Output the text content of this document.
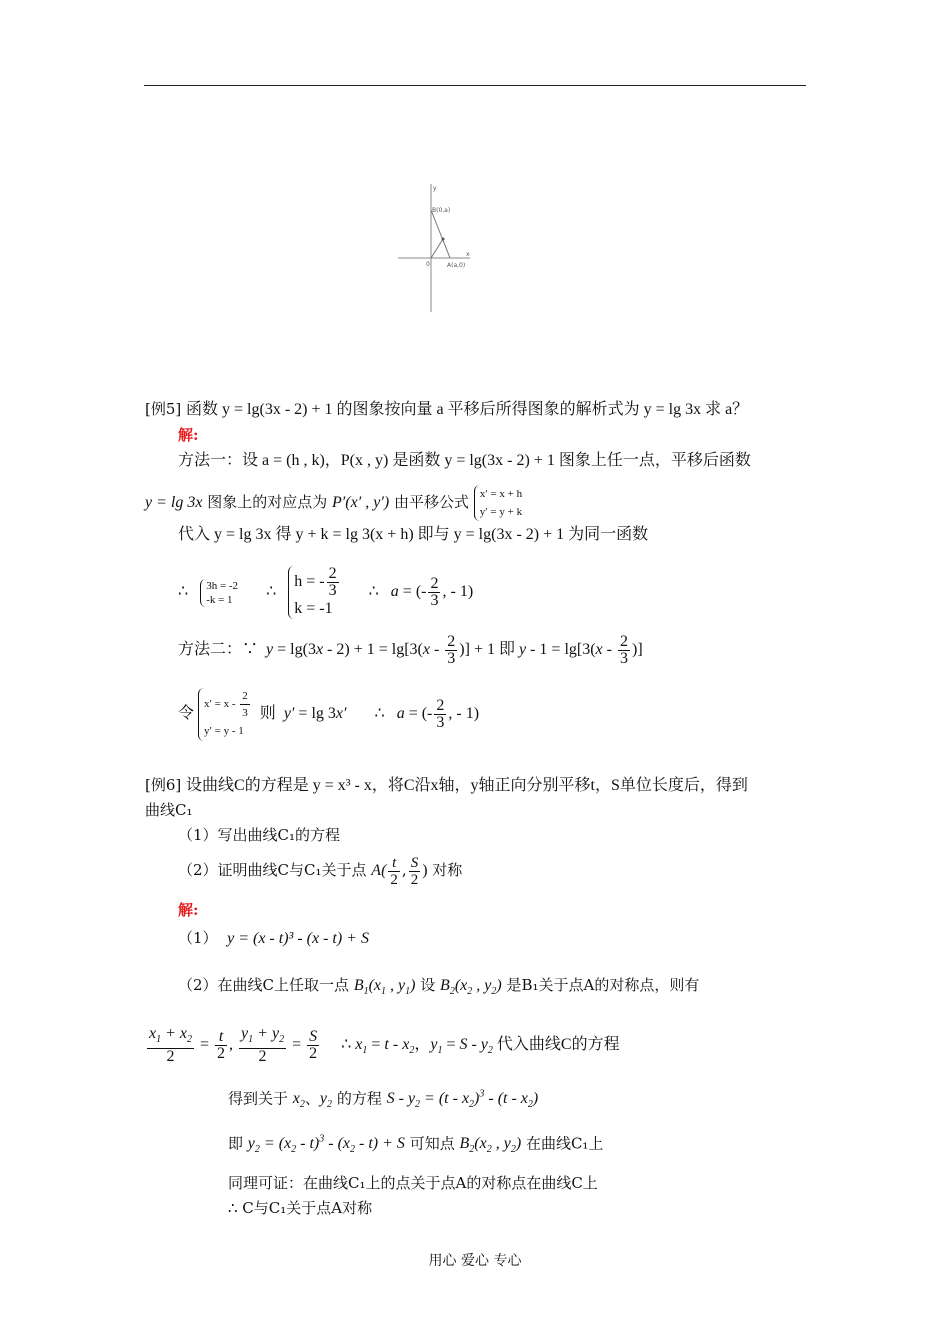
y
B(0,a)
x
0	A(a,0)
[例5] 函数 y = lg(3x - 2) + 1 的图象按向量 a 平移后所得图象的解析式为 y = lg 3x 求 a？
解:
方法一：设 a = (h , k)，P(x , y) 是函数 y = lg(3x - 2) + 1 图象上任一点，平移后函数
y = lg 3x 图象上的对应点为 P′(x′ , y′) 由平移公式 x′ = x + h
y′ = y + k
代入 y = lg 3x 得 y + k = lg 3(x + h) 即与 y = lg(3x - 2) + 1 为同一函数
∴ 3h = -2
-k = 1 ∴   h = - $\frac{2}{3}$

k = -1       ∴ a = (- $\frac{2}{3}$ , - 1)
方法二：∵ $y = \lg(3x - 2) + 1 = \lg[3(x - \frac{2}{3}$ )] + 1 即 $y - 1 = \lg[3(x - \frac{2}{3}$ )]
令 $x' = x - \frac{2}{3}$

y′ = y - 1  则 y′ = lg 3x′ ∴ a = (- $\frac{2}{3}$ , - 1)
[例6] 设曲线C的方程是 y = x³ - x，将C沿x轴，y轴正向分别平移t，S单位长度后，得到
曲线C₁
（1）写出曲线C₁的方程
（2）证明曲线C与C₁关于点 $A( \frac{t}{2}$ , $\frac{S}{2}$ ) 对称
解:
（1） y = (x - t)³ - (x - t) + S
（2）在曲线C上任取一点 $B_1(x_1$ , $y_1$) 设 $B_2(x_2$ , $y_2$) 是B₁关于点A的对称点，则有
$\frac{x_1 + x_2}{2} = \frac{t}{2}$ , $\frac{y_1 + y_2}{2} = \frac{S}{2}$ ∴ $x_1 = t - x_2$，$y_1 = S - y_2$ 代入曲线C的方程
得到关于 $x_2$、$y_2$ 的方程 $S - y_2 = (t - x_2)^3 - (t - x_2)$
即 $y_2 = (x_2 - t)^3 - (x_2 - t) + S$ 可知点 $B_2(x_2$ , $y_2$) 在曲线C₁上
同理可证：在曲线C₁上的点关于点A的对称点在曲线C上
∴ C与C₁关于点A对称
用心 爱心 专心
